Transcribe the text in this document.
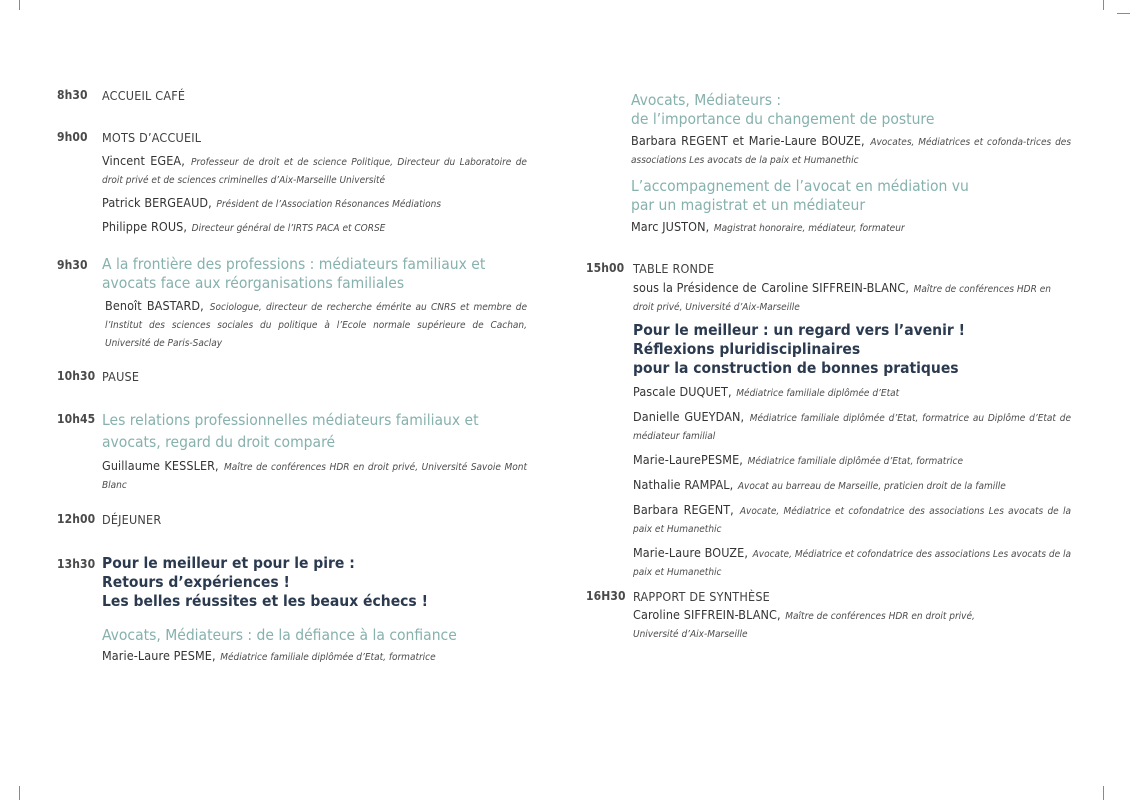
8h30 ACCUEIL CAFÉ
9h00 MOTS D’ACCUEIL
Vincent EGEA, Professeur de droit et de science Politique, Directeur du Laboratoire de droit privé et de sciences criminelles d’Aix-Marseille Université
Patrick BERGEAUD, Président de l’Association Résonances Médiations
Philippe ROUS, Directeur général de l’IRTS PACA et CORSE
9h30 A la frontière des professions : médiateurs familiaux et
avocats face aux réorganisations familiales
Benoît BASTARD, Sociologue, directeur de recherche émérite au CNRS et membre de l’Institut des sciences sociales du politique à l’Ecole normale supérieure de Cachan, Université de Paris-Saclay
10h30 PAUSE
10h45 Les relations professionnelles médiateurs familiaux et
avocats, regard du droit comparé
Guillaume KESSLER, Maître de conférences HDR en droit privé, Université Savoie Mont Blanc
12h00 DÉJEUNER
13h30 Pour le meilleur et pour le pire :
Retours d’expériences !
Les belles réussites et les beaux échecs !
Avocats, Médiateurs : de la défiance à la confiance
Marie-Laure PESME, Médiatrice familiale diplômée d’Etat, formatrice
Avocats, Médiateurs :
de l’importance du changement de posture
Barbara REGENT et Marie-Laure BOUZE, Avocates, Médiatrices et cofonda-trices des associations Les avocats de la paix et Humanethic
L’accompagnement de l’avocat en médiation vu
par un magistrat et un médiateur
Marc JUSTON, Magistrat honoraire, médiateur, formateur
15h00 TABLE RONDE
sous la Présidence de Caroline SIFFREIN-BLANC, Maître de conférences HDR en droit privé, Université d’Aix-Marseille
Pour le meilleur : un regard vers l’avenir !
Réflexions pluridisciplinaires
pour la construction de bonnes pratiques
Pascale DUQUET, Médiatrice familiale diplômée d’Etat
Danielle GUEYDAN, Médiatrice familiale diplômée d’Etat, formatrice au Diplôme d’Etat de médiateur familial
Marie-LaurePESME, Médiatrice familiale diplômée d’Etat, formatrice
Nathalie RAMPAL, Avocat au barreau de Marseille, praticien droit de la famille
Barbara REGENT, Avocate, Médiatrice et cofondatrice des associations Les avocats de la paix et Humanethic
Marie-Laure BOUZE, Avocate, Médiatrice et cofondatrice des associations Les avocats de la paix et Humanethic
16H30 RAPPORT DE SYNTHÈSE
Caroline SIFFREIN-BLANC, Maître de conférences HDR en droit privé, Université d’Aix-Marseille
